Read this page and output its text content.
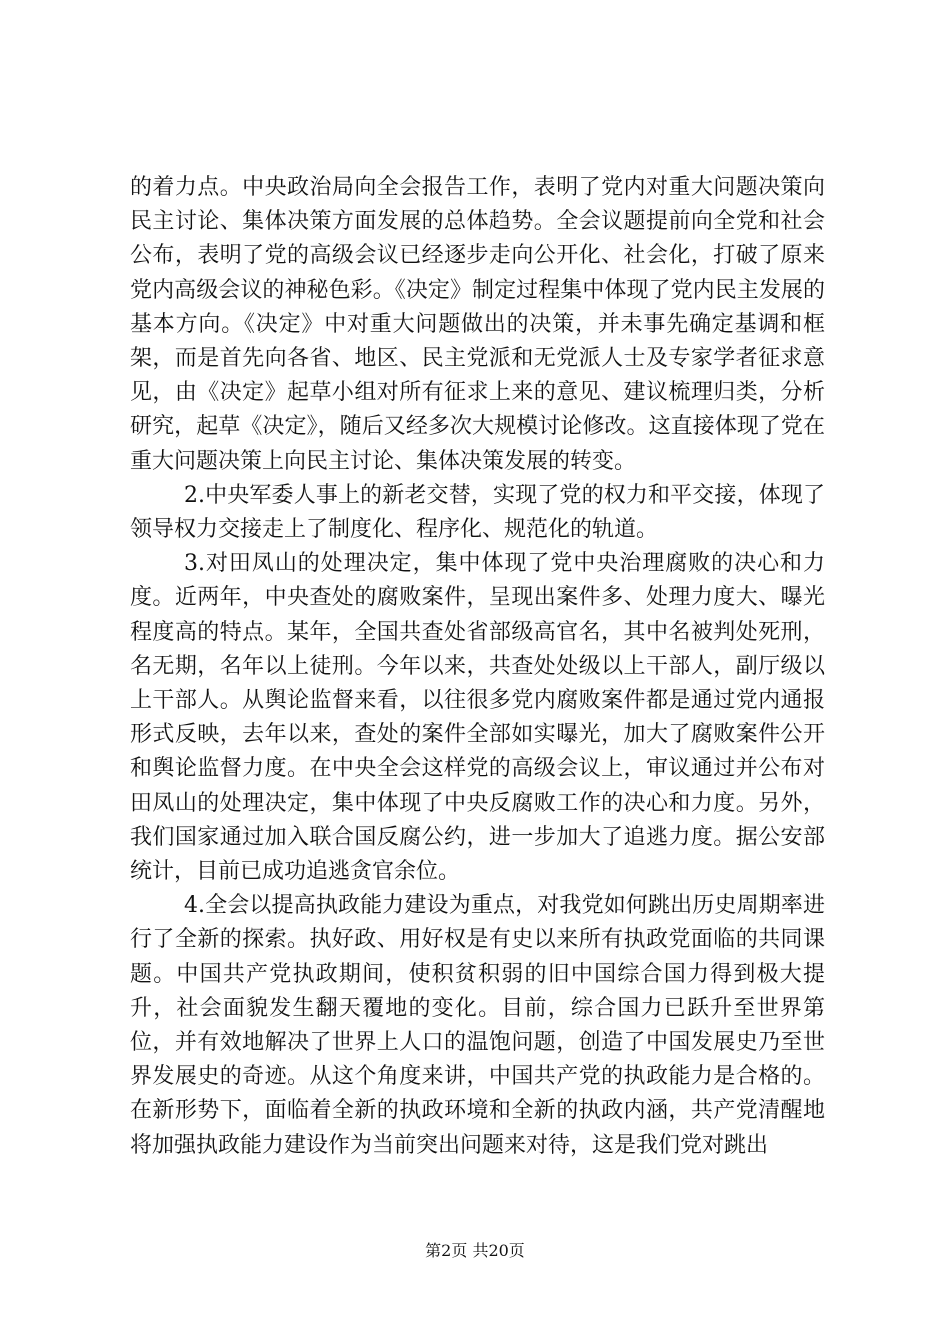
的着力点。中央政治局向全会报告工作，表明了党内对重大问题决策向民主讨论、集体决策方面发展的总体趋势。全会议题提前向全党和社会公布，表明了党的高级会议已经逐步走向公开化、社会化，打破了原来党内高级会议的神秘色彩。《决定》制定过程集中体现了党内民主发展的基本方向。《决定》中对重大问题做出的决策，并未事先确定基调和框架，而是首先向各省、地区、民主党派和无党派人士及专家学者征求意见，由《决定》起草小组对所有征求上来的意见、建议梳理归类，分析研究，起草《决定》，随后又经多次大规模讨论修改。这直接体现了党在重大问题决策上向民主讨论、集体决策发展的转变。

2.中央军委人事上的新老交替，实现了党的权力和平交接，体现了领导权力交接走上了制度化、程序化、规范化的轨道。

3.对田凤山的处理决定，集中体现了党中央治理腐败的决心和力度。近两年，中央查处的腐败案件，呈现出案件多、处理力度大、曝光程度高的特点。某年，全国共查处省部级高官名，其中名被判处死刑，名无期，名年以上徒刑。今年以来，共查处处级以上干部人，副厅级以上干部人。从舆论监督来看，以往很多党内腐败案件都是通过党内通报形式反映，去年以来，查处的案件全部如实曝光，加大了腐败案件公开和舆论监督力度。在中央全会这样党的高级会议上，审议通过并公布对田凤山的处理决定，集中体现了中央反腐败工作的决心和力度。另外，我们国家通过加入联合国反腐公约，进一步加大了追逃力度。据公安部统计，目前已成功追逃贪官余位。

4.全会以提高执政能力建设为重点，对我党如何跳出历史周期率进行了全新的探索。执好政、用好权是有史以来所有执政党面临的共同课题。中国共产党执政期间，使积贫积弱的旧中国综合国力得到极大提升，社会面貌发生翻天覆地的变化。目前，综合国力已跃升至世界第位，并有效地解决了世界上人口的温饱问题，创造了中国发展史乃至世界发展史的奇迹。从这个角度来讲，中国共产党的执政能力是合格的。在新形势下，面临着全新的执政环境和全新的执政内涵，共产党清醒地将加强执政能力建设作为当前突出问题来对待，这是我们党对跳出

第2页 共20页
